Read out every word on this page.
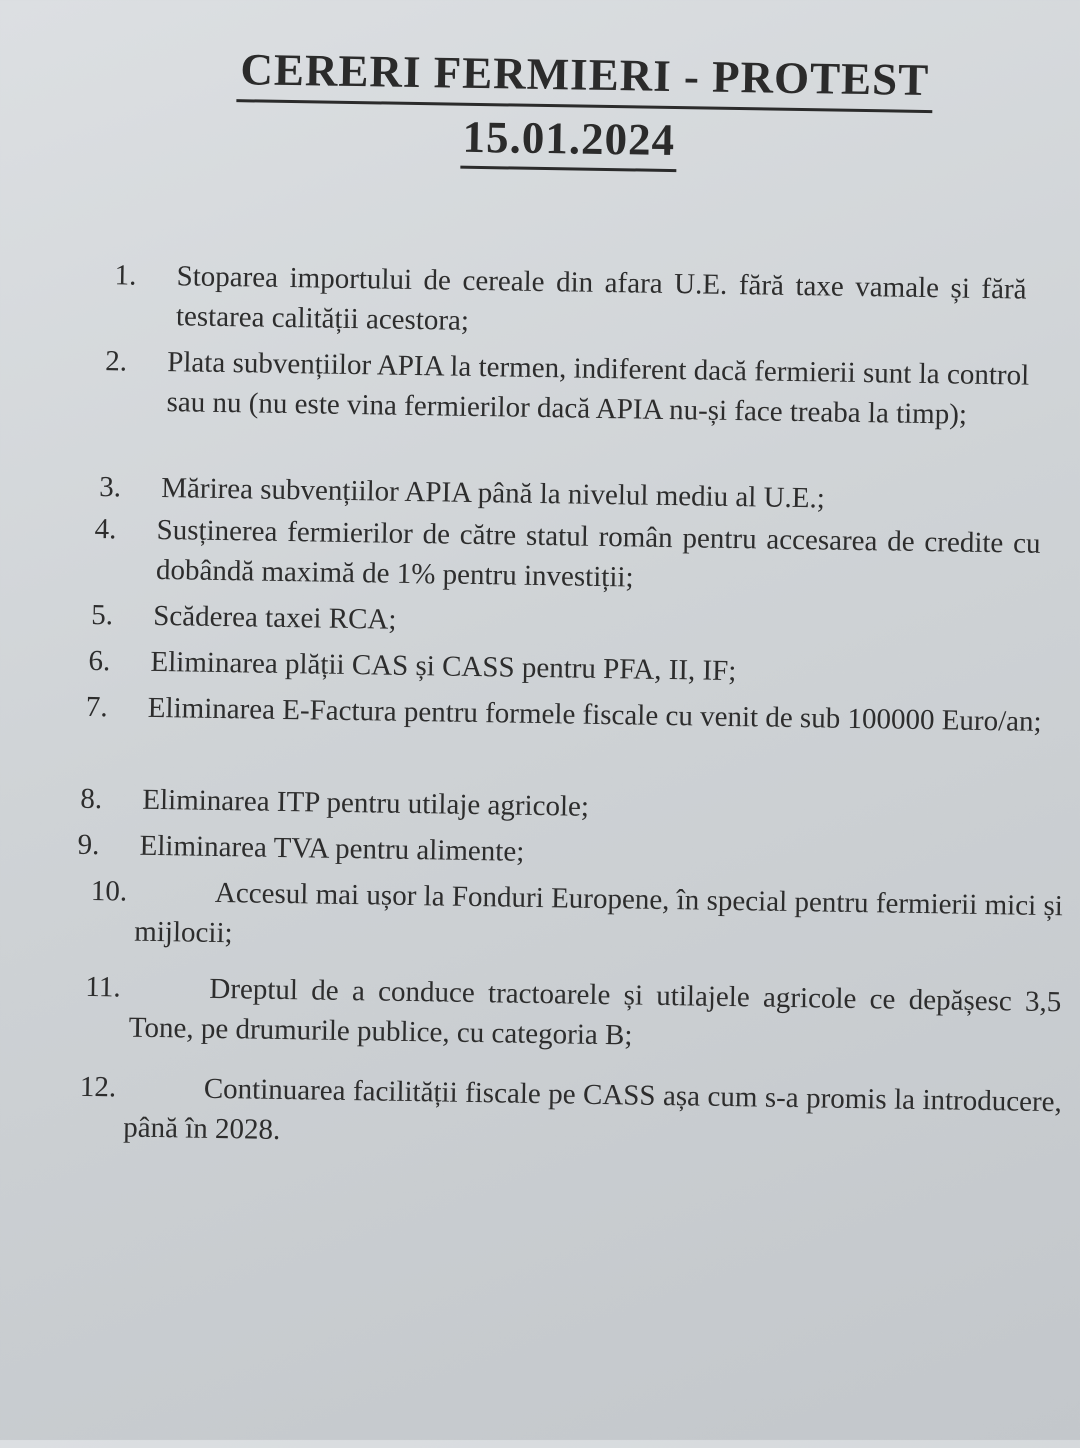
CERERI FERMIERI - PROTEST
15.01.2024
1.	Stoparea importului de cereale din afara U.E. fără taxe vamale și fără testarea calității acestora;
2.	Plata subvențiilor APIA la termen, indiferent dacă fermierii sunt la control sau nu (nu este vina fermierilor dacă APIA nu-și face treaba la timp);
3.	Mărirea subvențiilor APIA până la nivelul mediu al U.E.;
4.	Susținerea fermierilor de către statul român pentru accesarea de credite cu dobândă maximă de 1% pentru investiții;
5.	Scăderea taxei RCA;
6.	Eliminarea plății CAS și CASS pentru PFA, II, IF;
7.	Eliminarea E-Factura pentru formele fiscale cu venit de sub 100000 Euro/an;
8.	Eliminarea ITP pentru utilaje agricole;
9.	Eliminarea TVA pentru alimente;
10.	Accesul mai ușor la Fonduri Europene, în special pentru fermierii mici și mijlocii;
11.	Dreptul de a conduce tractoarele și utilajele agricole ce depășesc 3,5 Tone, pe drumurile publice, cu categoria B;
12.	Continuarea facilității fiscale pe CASS așa cum s-a promis la introducere, până în 2028.
